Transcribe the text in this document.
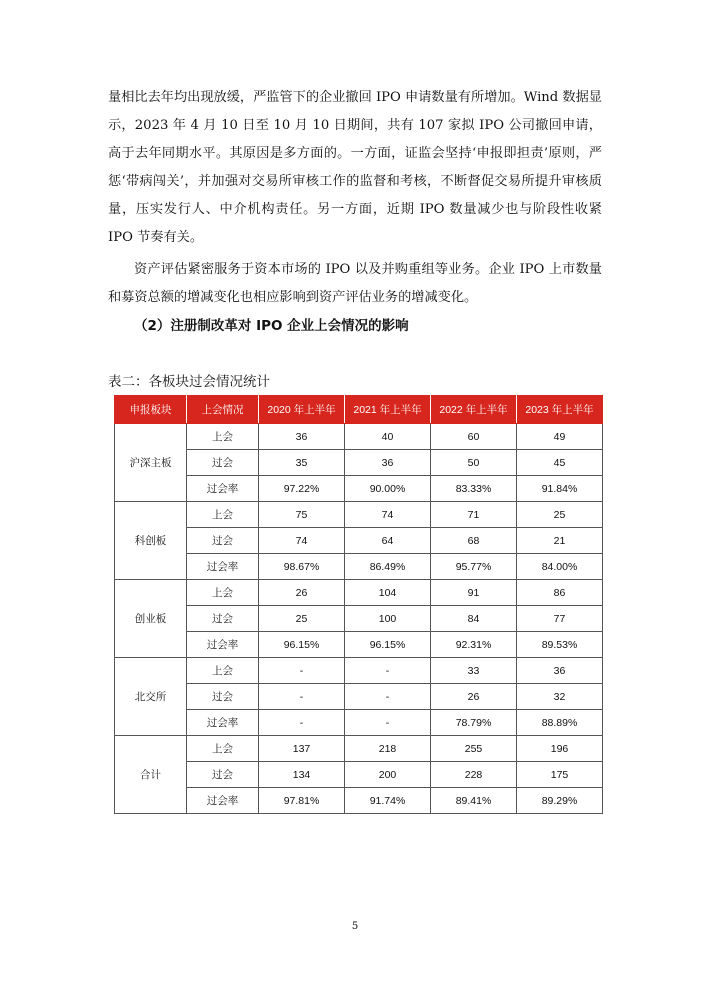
量相比去年均出现放缓，严监管下的企业撤回 IPO 申请数量有所增加。Wind 数据显示，2023 年 4 月 10 日至 10 月 10 日期间，共有 107 家拟 IPO 公司撤回申请，高于去年同期水平。其原因是多方面的。一方面，证监会坚持‘申报即担责’原则，严惩‘带病闯关’，并加强对交易所审核工作的监督和考核，不断督促交易所提升审核质量，压实发行人、中介机构责任。另一方面，近期 IPO 数量减少也与阶段性收紧 IPO 节奏有关。

资产评估紧密服务于资本市场的 IPO 以及并购重组等业务。企业 IPO 上市数量和募资总额的增减变化也相应影响到资产评估业务的增减变化。

（2）注册制改革对 IPO 企业上会情况的影响

表二：各板块过会情况统计

申报板块	上会情况	2020 年上半年	2021 年上半年	2022 年上半年	2023 年上半年
沪深主板	上会	36	40	60	49
	过会	35	36	50	45
	过会率	97.22%	90.00%	83.33%	91.84%
科创板	上会	75	74	71	25
	过会	74	64	68	21
	过会率	98.67%	86.49%	95.77%	84.00%
创业板	上会	26	104	91	86
	过会	25	100	84	77
	过会率	96.15%	96.15%	92.31%	89.53%
北交所	上会	-	-	33	36
	过会	-	-	26	32
	过会率	-	-	78.79%	88.89%
合计	上会	137	218	255	196
	过会	134	200	228	175
	过会率	97.81%	91.74%	89.41%	89.29%
5
